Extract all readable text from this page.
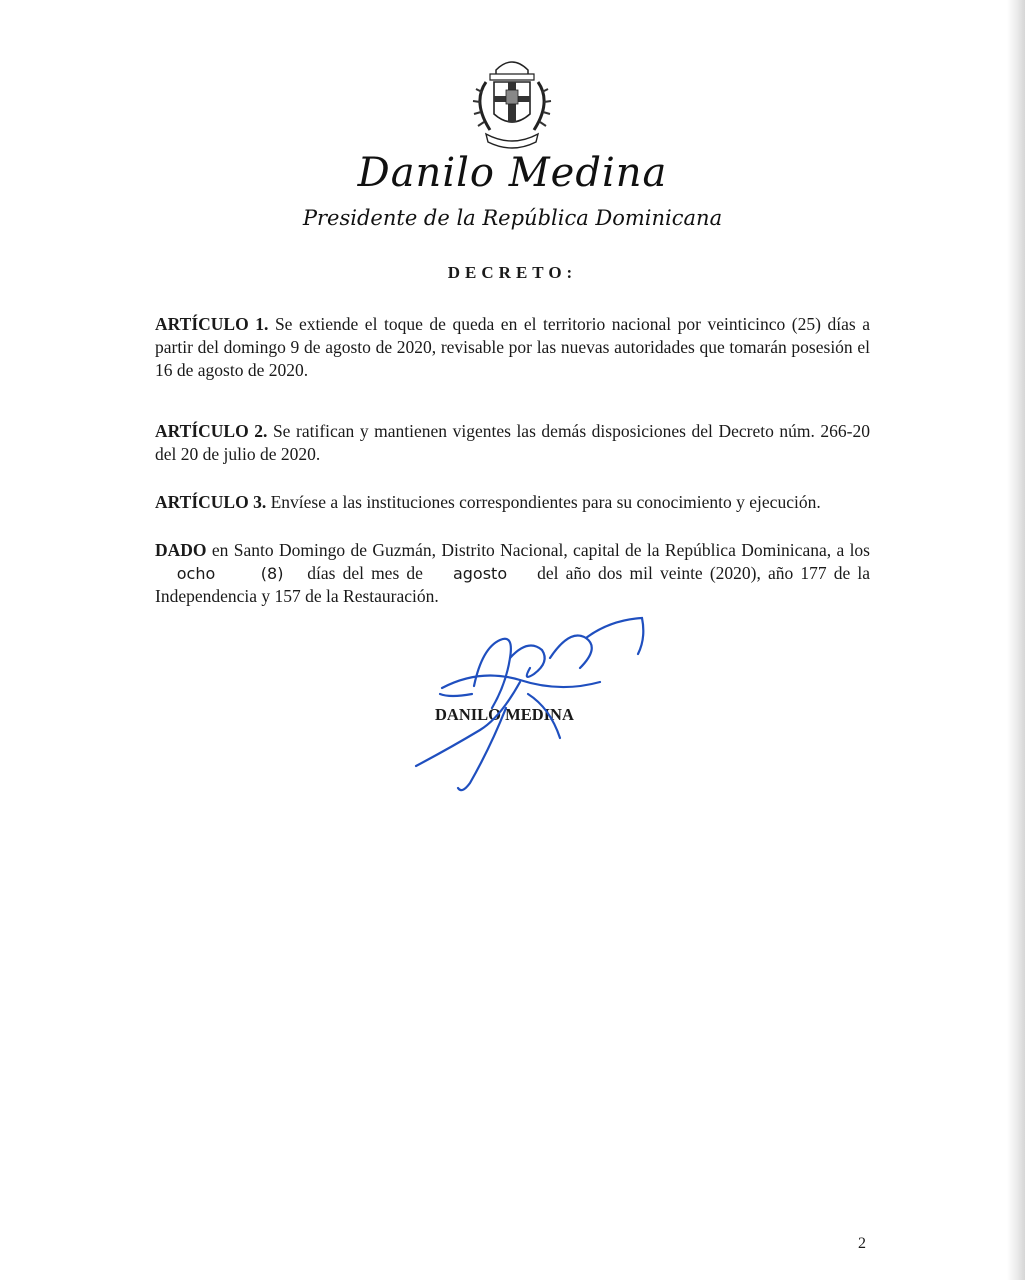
Danilo Medina
Presidente de la República Dominicana
DECRETO:
ARTÍCULO 1. Se extiende el toque de queda en el territorio nacional por veinticinco (25) días a partir del domingo 9 de agosto de 2020, revisable por las nuevas autoridades que tomarán posesión el 16 de agosto de 2020.
ARTÍCULO 2. Se ratifican y mantienen vigentes las demás disposiciones del Decreto núm. 266-20 del 20 de julio de 2020.
ARTÍCULO 3. Envíese a las instituciones correspondientes para su conocimiento y ejecución.
DADO en Santo Domingo de Guzmán, Distrito Nacional, capital de la República Dominicana, a los ocho	(8) días del mes de agosto del año dos mil veinte (2020), año 177 de la Independencia y 157 de la Restauración.
DANILO MEDINA
2
